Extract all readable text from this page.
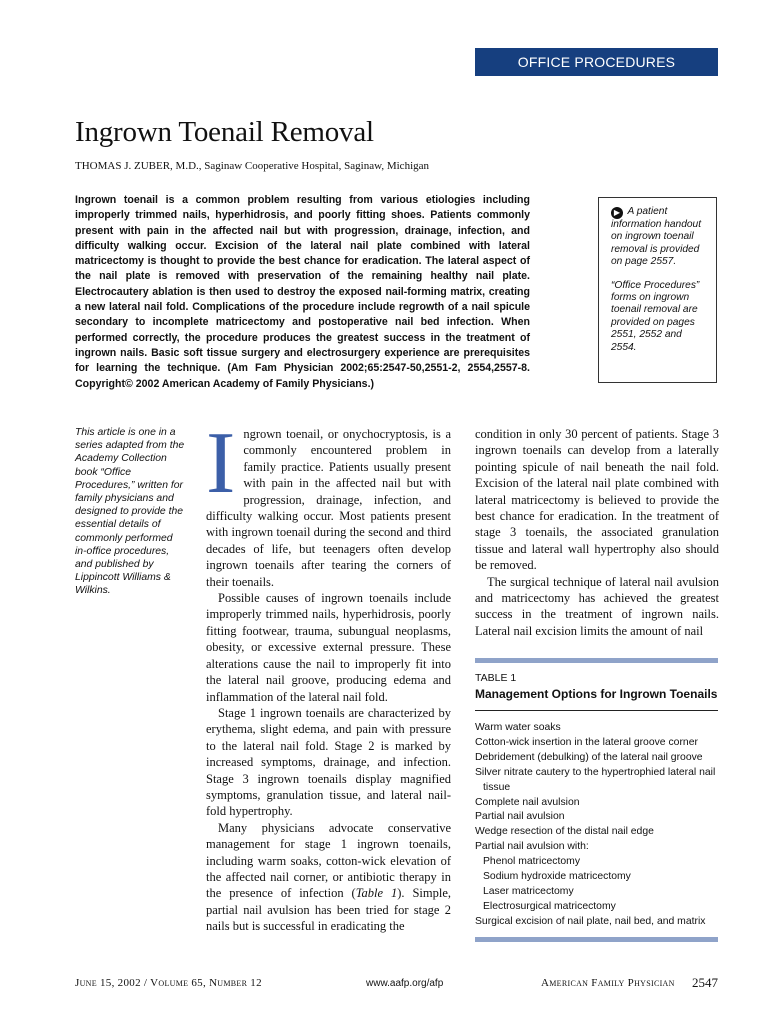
OFFICE PROCEDURES
Ingrown Toenail Removal
THOMAS J. ZUBER, M.D., Saginaw Cooperative Hospital, Saginaw, Michigan

Ingrown toenail is a common problem resulting from various etiologies including improperly trimmed nails, hyperhidrosis, and poorly fitting shoes. Patients commonly present with pain in the affected nail but with progression, drainage, infection, and difficulty walking occur. Excision of the lateral nail plate combined with lateral matricectomy is thought to provide the best chance for eradication. The lateral aspect of the nail plate is removed with preservation of the remaining healthy nail plate. Electrocautery ablation is then used to destroy the exposed nail-forming matrix, creating a new lateral nail fold. Complications of the procedure include regrowth of a nail spicule secondary to incomplete matricectomy and postoperative nail bed infection. When performed correctly, the procedure produces the greatest success in the treatment of ingrown nails. Basic soft tissue surgery and electrosurgery experience are prerequisites for learning the technique. (Am Fam Physician 2002;65:2547-50,2551-2, 2554,2557-8. Copyright© 2002 American Academy of Family Physicians.)

▶ A patient information handout on ingrown toenail removal is provided on page 2557.

“Office Procedures” forms on ingrown toenail removal are provided on pages 2551, 2552 and 2554.

This article is one in a series adapted from the Academy Collection book “Office Procedures,” written for family physicians and designed to provide the essential details of commonly performed in-office procedures, and published by Lippincott Williams & Wilkins.

Ingrown toenail, or onychocryptosis, is a commonly encountered problem in family practice. Patients usually present with pain in the affected nail but with progression, drainage, infection, and difficulty walking occur. Most patients present with ingrown toenail during the second and third decades of life, but teenagers often develop ingrown toenails after tearing the corners of their toenails.

Possible causes of ingrown toenails include improperly trimmed nails, hyperhidrosis, poorly fitting footwear, trauma, subungual neoplasms, obesity, or excessive external pressure. These alterations cause the nail to improperly fit into the lateral nail groove, producing edema and inflammation of the lateral nail fold.

Stage 1 ingrown toenails are characterized by erythema, slight edema, and pain with pressure to the lateral nail fold. Stage 2 is marked by increased symptoms, drainage, and infection. Stage 3 ingrown toenails display magnified symptoms, granulation tissue, and lateral nail-fold hypertrophy.

Many physicians advocate conservative management for stage 1 ingrown toenails, including warm soaks, cotton-wick elevation of the affected nail corner, or antibiotic therapy in the presence of infection (Table 1). Simple, partial nail avulsion has been tried for stage 2 nails but is successful in eradicating the

condition in only 30 percent of patients. Stage 3 ingrown toenails can develop from a laterally pointing spicule of nail beneath the nail fold. Excision of the lateral nail plate combined with lateral matricectomy is believed to provide the best chance for eradication. In the treatment of stage 3 toenails, the associated granulation tissue and lateral wall hypertrophy also should be removed.

The surgical technique of lateral nail avulsion and matricectomy has achieved the greatest success in the treatment of ingrown nails. Lateral nail excision limits the amount of nail

TABLE 1
Management Options for Ingrown Toenails
Warm water soaks
Cotton-wick insertion in the lateral groove corner
Debridement (debulking) of the lateral nail groove
Silver nitrate cautery to the hypertrophied lateral nail tissue
Complete nail avulsion
Partial nail avulsion
Wedge resection of the distal nail edge
Partial nail avulsion with:
Phenol matricectomy
Sodium hydroxide matricectomy
Laser matricectomy
Electrosurgical matricectomy
Surgical excision of nail plate, nail bed, and matrix
June 15, 2002 / Volume 65, Number 12	www.aafp.org/afp	American Family Physician 2547
